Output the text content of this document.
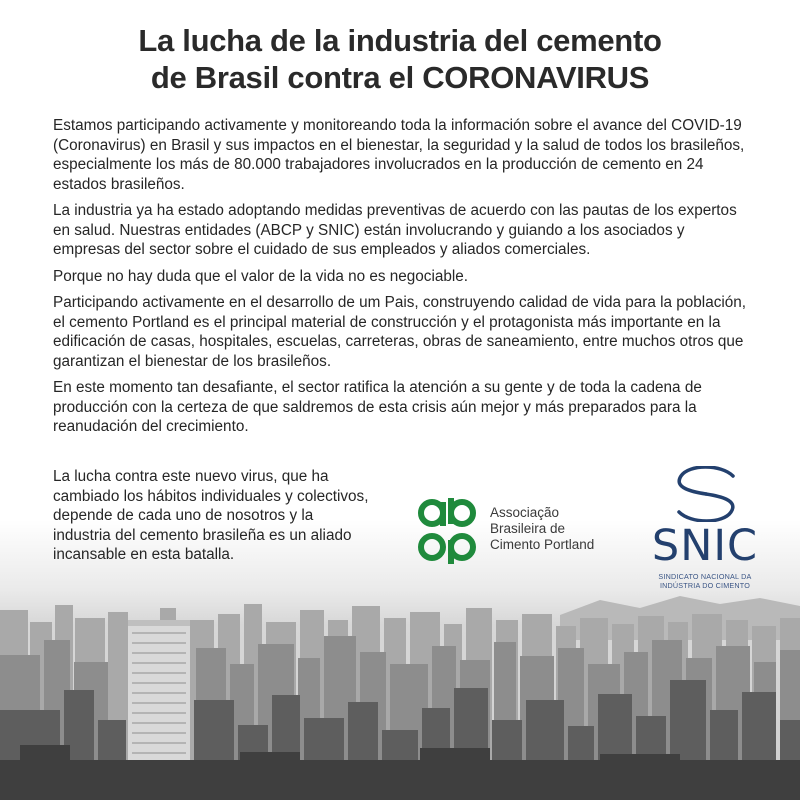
La lucha de la industria del cemento
de Brasil contra el CORONAVIRUS

Estamos participando activamente y monitoreando toda la información sobre el avance del COVID-19 (Coronavirus) en Brasil y sus impactos en el bienestar, la seguridad y la salud de todos los brasileños, especialmente los más de 80.000 trabajadores involucrados en la producción de cemento en 24 estados brasileños.

La industria ya ha estado adoptando medidas preventivas de acuerdo con las pautas de los expertos en salud. Nuestras entidades (ABCP y SNIC) están involucrando y guiando a los asociados y empresas del sector sobre el cuidado de sus empleados y aliados comerciales.

Porque no hay duda que el valor de la vida no es negociable.

Participando activamente en el desarrollo de um Pais, construyendo calidad de vida para la población, el cemento Portland es el principal material de construcción y el protagonista más importante en la edificación de casas, hospitales, escuelas, carreteras, obras de saneamiento, entre muchos otros que garantizan el bienestar de los brasileños.

En este momento tan desafiante, el sector ratifica la atención a su gente y de toda la cadena de producción con la certeza de que saldremos de esta crisis aún mejor y más preparados para la reanudación del crecimiento.

La lucha contra este nuevo virus, que ha cambiado los hábitos individuales y colectivos, depende de cada uno de nosotros y la industria del cemento brasileña es un aliado incansable en esta batalla.
Associação
Brasileira de
Cimento Portland	SNIC
SINDICATO NACIONAL DA
INDÚSTRIA DO CIMENTO
